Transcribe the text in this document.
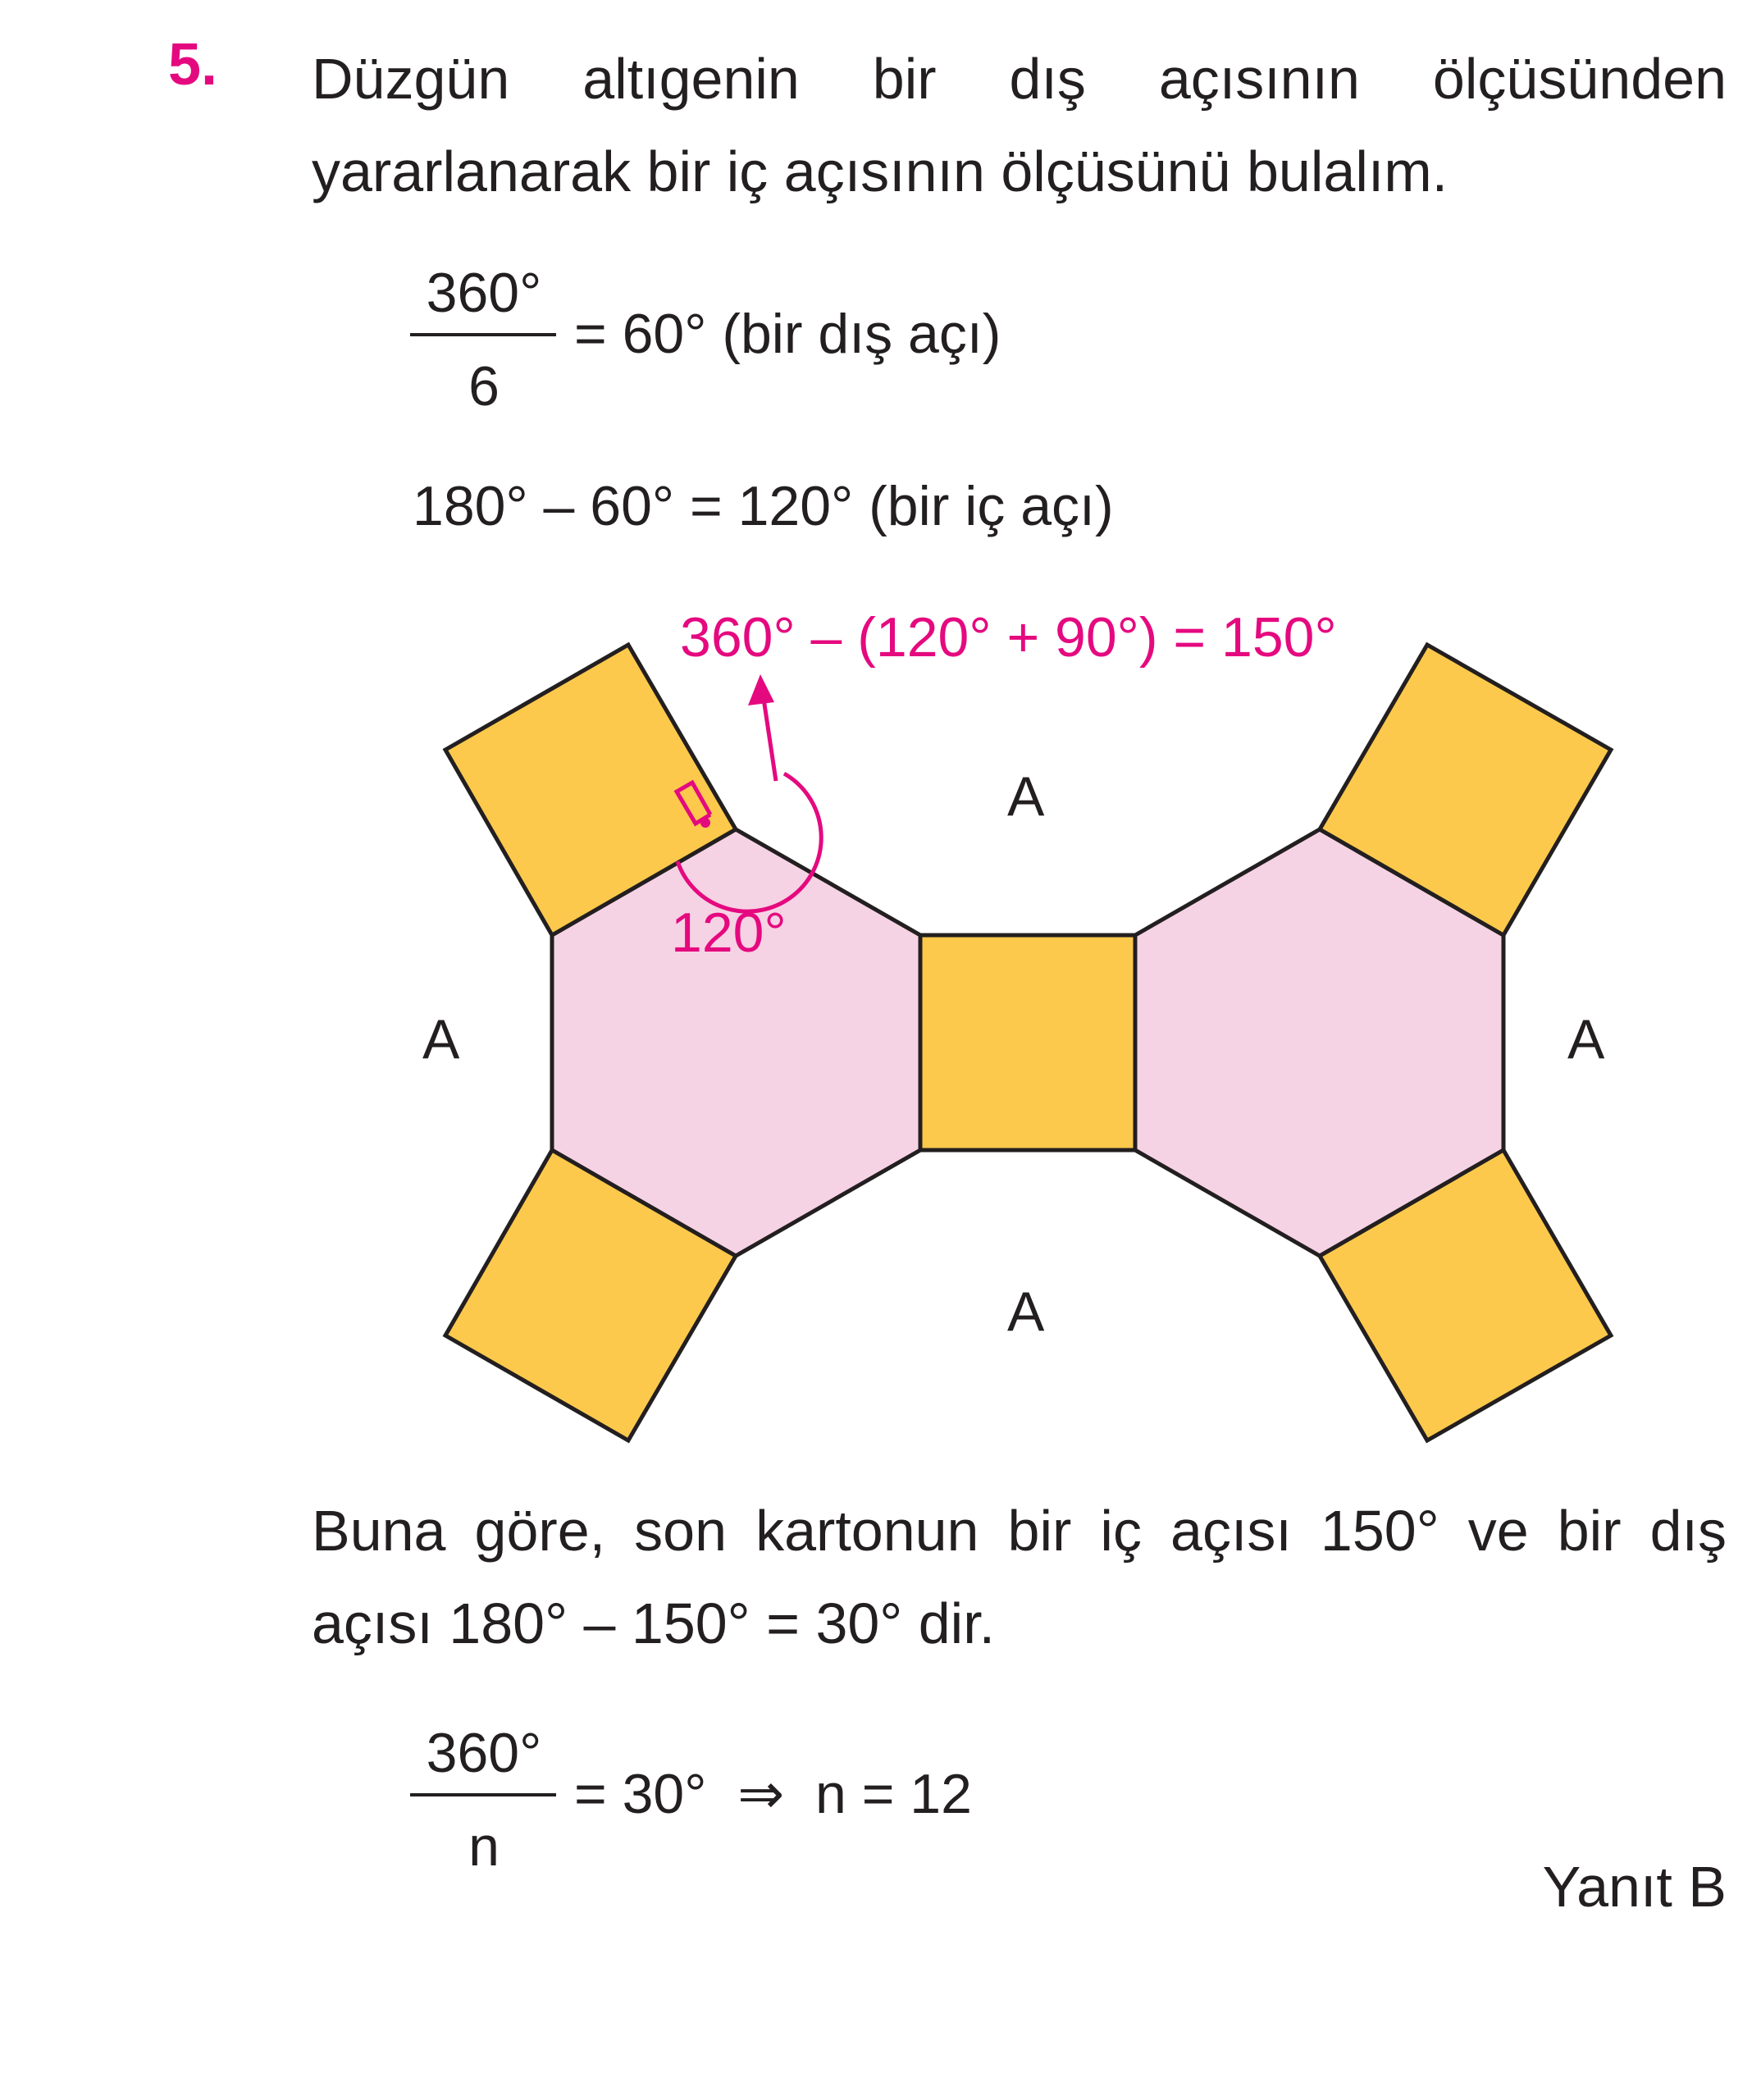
5. Düzgün altıgenin bir dış açısının ölçüsünden yararlanarak bir iç açısının ölçüsünü bulalım.
360°
6
= 60° (bir dış açı)
180° – 60° = 120° (bir iç açı)
360° – (120° + 90°) = 150°
120°
A
A	A
A
Buna göre, son kartonun bir iç açısı 150° ve bir dış açısı 180° – 150° = 30° dir.
360°
n
= 30°  ⇒  n = 12
Yanıt B
